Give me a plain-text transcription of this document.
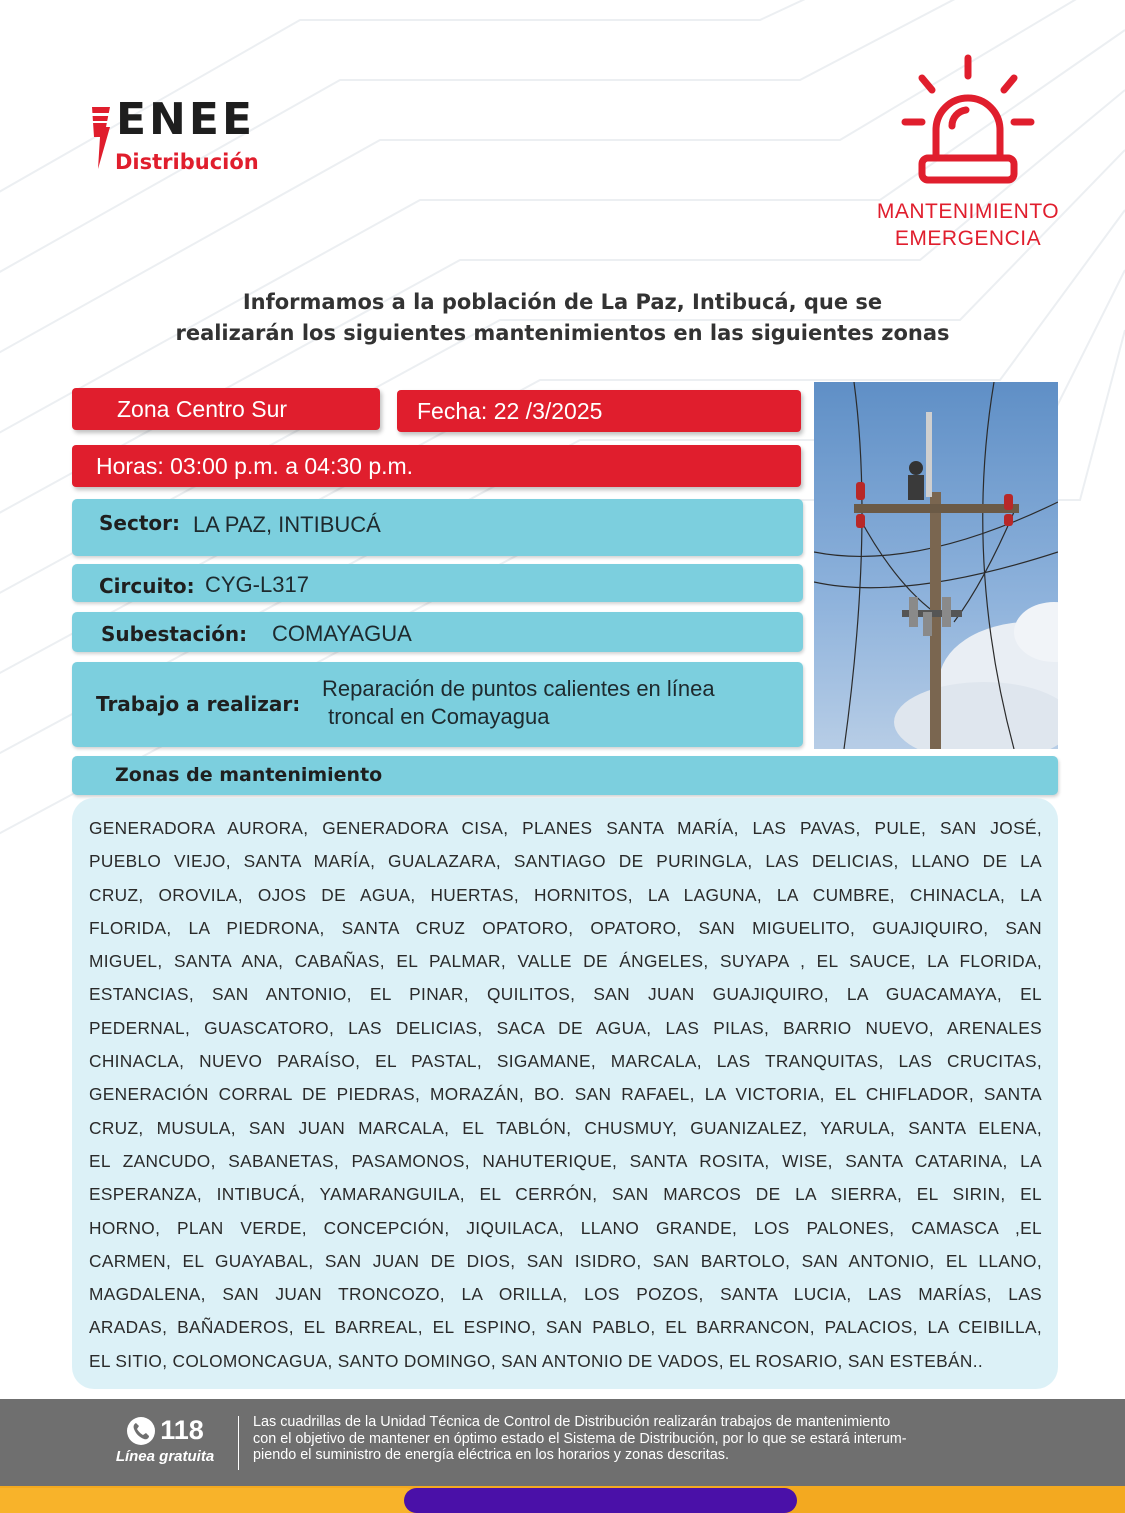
ENEE
Distribución
MANTENIMIENTO
EMERGENCIA
Informamos a la población de La Paz, Intibucá, que se
realizarán los siguientes mantenimientos en las siguientes zonas
Zona Centro Sur	Fecha: 22 /3/2025
Horas: 03:00 p.m. a 04:30 p.m.
Sector: LA PAZ, INTIBUCÁ
Circuito: CYG-L317
Subestación: COMAYAGUA
Trabajo a realizar:
Reparación de puntos calientes en línea
troncal en Comayagua
Zonas de mantenimiento

GENERADORA AURORA, GENERADORA CISA, PLANES SANTA MARÍA, LAS PAVAS, PULE, SAN JOSÉ,

PUEBLO VIEJO, SANTA MARÍA, GUALAZARA, SANTIAGO DE PURINGLA, LAS DELICIAS, LLANO DE LA

CRUZ, OROVILA, OJOS DE AGUA, HUERTAS, HORNITOS, LA LAGUNA, LA CUMBRE, CHINACLA, LA

FLORIDA, LA PIEDRONA, SANTA CRUZ OPATORO, OPATORO, SAN MIGUELITO, GUAJIQUIRO, SAN

MIGUEL, SANTA ANA, CABAÑAS, EL PALMAR, VALLE DE ÁNGELES, SUYAPA , EL SAUCE, LA FLORIDA,

ESTANCIAS, SAN ANTONIO, EL PINAR, QUILITOS, SAN JUAN GUAJIQUIRO, LA GUACAMAYA, EL

PEDERNAL, GUASCATORO, LAS DELICIAS, SACA DE AGUA, LAS PILAS, BARRIO NUEVO, ARENALES

CHINACLA, NUEVO PARAÍSO, EL PASTAL, SIGAMANE, MARCALA, LAS TRANQUITAS, LAS CRUCITAS,

GENERACIÓN CORRAL DE PIEDRAS, MORAZÁN, BO. SAN RAFAEL, LA VICTORIA, EL CHIFLADOR, SANTA

CRUZ, MUSULA, SAN JUAN MARCALA, EL TABLÓN, CHUSMUY, GUANIZALEZ, YARULA, SANTA ELENA,

EL ZANCUDO, SABANETAS, PASAMONOS, NAHUTERIQUE, SANTA ROSITA, WISE, SANTA CATARINA, LA

ESPERANZA, INTIBUCÁ, YAMARANGUILA, EL CERRÓN, SAN MARCOS DE LA SIERRA, EL SIRIN, EL

HORNO, PLAN VERDE, CONCEPCIÓN, JIQUILACA, LLANO GRANDE, LOS PALONES, CAMASCA ,EL

CARMEN, EL GUAYABAL, SAN JUAN DE DIOS, SAN ISIDRO, SAN BARTOLO, SAN ANTONIO, EL LLANO,

MAGDALENA, SAN JUAN TRONCOZO, LA ORILLA, LOS POZOS, SANTA LUCIA, LAS MARÍAS, LAS

ARADAS, BAÑADEROS, EL BARREAL, EL ESPINO, SAN PABLO, EL BARRANCON, PALACIOS, LA CEIBILLA,

EL SITIO, COLOMONCAGUA, SANTO DOMINGO, SAN ANTONIO DE VADOS, EL ROSARIO, SAN ESTEBÁN..

118
Línea gratuita
Las cuadrillas de la Unidad Técnica de Control de Distribución realizarán trabajos de mantenimiento
con el objetivo de mantener en óptimo estado el Sistema de Distribución, por lo que se estará interum-
piendo el suministro de energía eléctrica en los horarios y zonas descritas.
